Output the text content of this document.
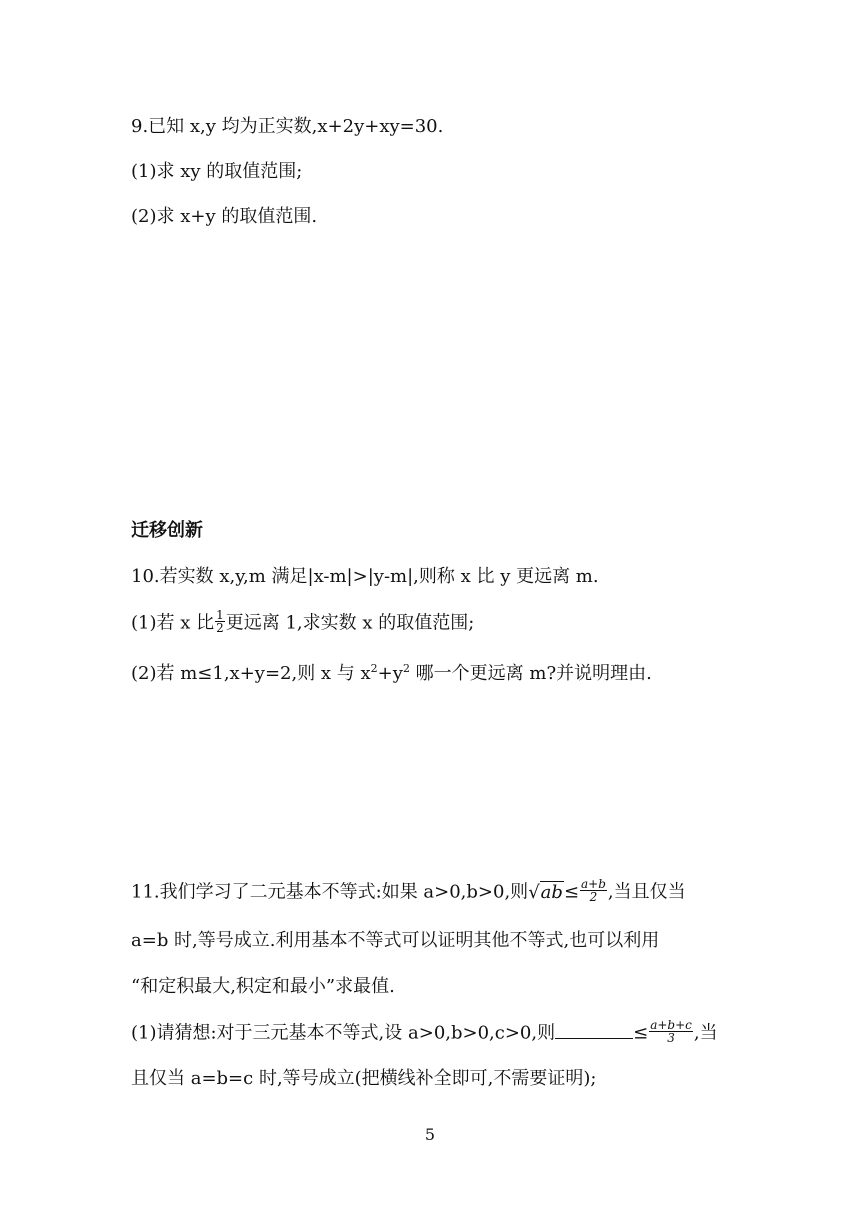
9.已知 x,y 均为正实数,x+2y+xy=30.
(1)求 xy 的取值范围;
(2)求 x+y 的取值范围.
迁移创新
10.若实数 x,y,m 满足|x-m|>|y-m|,则称 x 比 y 更远离 m.
(1)若 x 比 $\frac{1}{2}$ 更远离 1,求实数 x 的取值范围;
(2)若 m≤1,x+y=2,则 x 与 $x^2+y^2$ 哪一个更远离 m?并说明理由.
11.我们学习了二元基本不等式:如果 a>0,b>0,则$√ab\le \frac{a+b}{2}$ ,当且仅当
a=b 时,等号成立.利用基本不等式可以证明其他不等式,也可以利用
“和定积最大,积定和最小”求最值.
(1)请猜想:对于三元基本不等式,设 a>0,b>0,c>0,则	≤ $\frac{a+b+c}{3}$ ,当
且仅当 a=b=c 时,等号成立(把横线补全即可,不需要证明);
5
